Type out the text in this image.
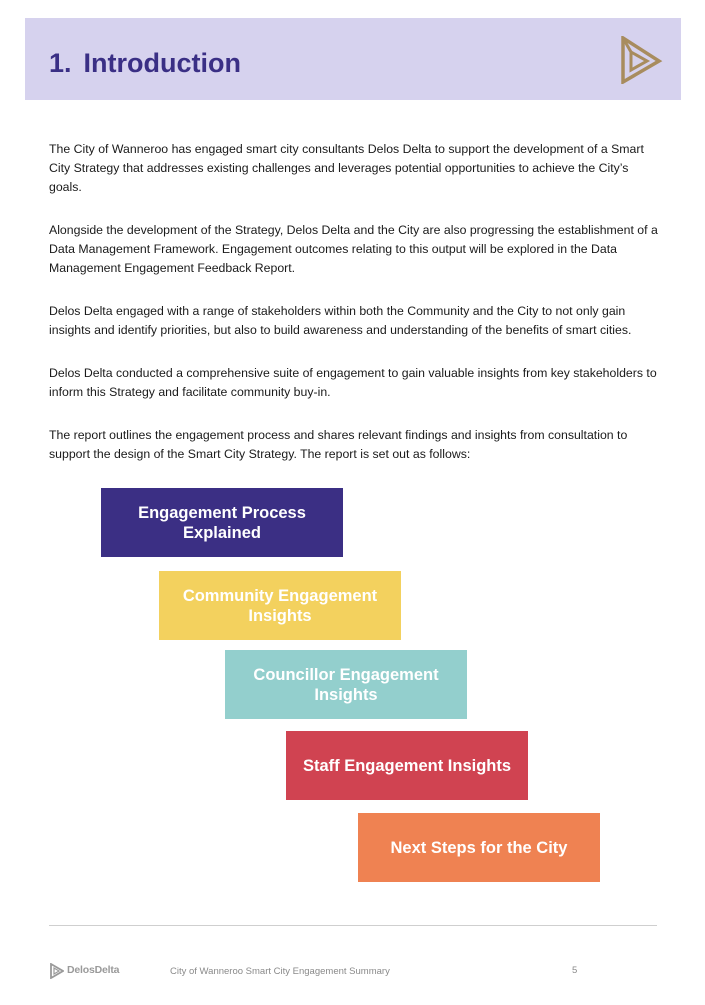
1. Introduction

The City of Wanneroo has engaged smart city consultants Delos Delta to support the development of a Smart City Strategy that addresses existing challenges and leverages potential opportunities to achieve the City’s goals.

Alongside the development of the Strategy, Delos Delta and the City are also progressing the establishment of a Data Management Framework. Engagement outcomes relating to this output will be explored in the Data Management Engagement Feedback Report.

Delos Delta engaged with a range of stakeholders within both the Community and the City to not only gain insights and identify priorities, but also to build awareness and understanding of the benefits of smart cities.

Delos Delta conducted a comprehensive suite of engagement to gain valuable insights from key stakeholders to inform this Strategy and facilitate community buy-in.

The report outlines the engagement process and shares relevant findings and insights from consultation to support the design of the Smart City Strategy. The report is set out as follows:

Engagement Process Explained
Community Engagement Insights
Councillor Engagement Insights
Staff Engagement Insights
Next Steps for the City
DelosDelta	City of Wanneroo Smart City Engagement Summary	5
